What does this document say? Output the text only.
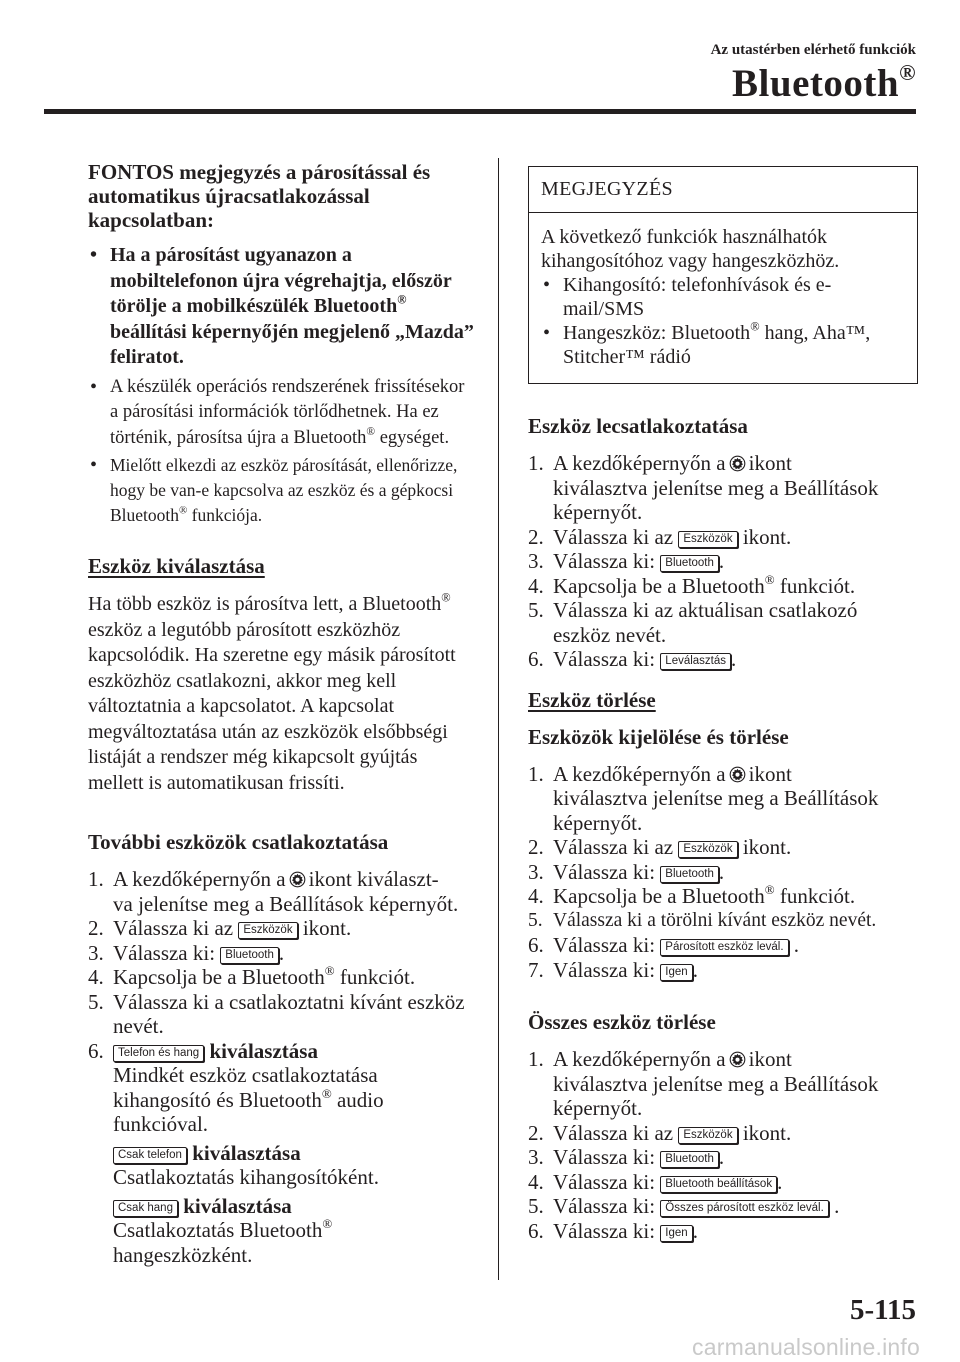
Az utastérben elérhető funkciók
Bluetooth®
FONTOS megjegyzés a párosítással és automatikus újracsatlakozással kapcsolatban:
• Ha a párosítást ugyanazon a mobiltelefonon újra végrehajtja, először törölje a mobilkészülék Bluetooth® beállítási képernyőjén megjelenő „Mazda” feliratot.
• A készülék operációs rendszerének frissítésekor a párosítási információk törlődhetnek. Ha ez történik, párosítsa újra a Bluetooth® egységet.
• Mielőtt elkezdi az eszköz párosítását, ellenőrizze, hogy be van-e kapcsolva az eszköz és a gépkocsi Bluetooth® funkciója.
Eszköz kiválasztása
Ha több eszköz is párosítva lett, a Bluetooth® eszköz a legutóbb párosított eszközhöz kapcsolódik. Ha szeretne egy másik párosított eszközhöz csatlakozni, akkor meg kell változtatnia a kapcsolatot. A kapcsolat megváltoztatása után az eszközök elsőbbségi listáját a rendszer még kikapcsolt gyújtás mellett is automatikusan frissíti.
További eszközök csatlakoztatása
1. A kezdőképernyőn a ikont kiválaszt-
va jelenítse meg a Beállítások képernyőt.
2. Válassza ki az Eszközök ikont.
3. Válassza ki: Bluetooth .
4. Kapcsolja be a Bluetooth® funkciót.
5. Válassza ki a csatlakoztatni kívánt eszköz nevét.
6.	Telefon és hang kiválasztása
Mindkét eszköz csatlakoztatása kihangosító és Bluetooth® audio funkcióval.
Csak telefon kiválasztása
Csatlakoztatás kihangosítóként.
Csak hang kiválasztása
Csatlakoztatás Bluetooth®
hangeszközként.
MEGJEGYZÉS
A következő funkciók használhatók kihangosítóhoz vagy hangeszközhöz.
• Kihangosító: telefonhívások és e-mail/SMS
• Hangeszköz: Bluetooth® hang, Aha™, Stitcher™ rádió
Eszköz lecsatlakoztatása
1. A kezdőképernyőn a ikont
kiválasztva jelenítse meg a Beállítások képernyőt.
2. Válassza ki az Eszközök ikont.
3. Válassza ki: Bluetooth .
4. Kapcsolja be a Bluetooth® funkciót.
5. Válassza ki az aktuálisan csatlakozó eszköz nevét.
6. Válassza ki: Leválasztás .
Eszköz törlése
Eszközök kijelölése és törlése
1. A kezdőképernyőn a ikont
kiválasztva jelenítse meg a Beállítások képernyőt.
2. Válassza ki az Eszközök ikont.
3. Válassza ki: Bluetooth .
4. Kapcsolja be a Bluetooth® funkciót.
5. Válassza ki a törölni kívánt eszköz nevét.
6. Válassza ki: Párosított eszköz levál. .
7. Válassza ki: Igen .
Összes eszköz törlése
1. A kezdőképernyőn a ikont
kiválasztva jelenítse meg a Beállítások képernyőt.
2. Válassza ki az Eszközök ikont.
3. Válassza ki: Bluetooth .
4. Válassza ki: Bluetooth beállítások .
5. Válassza ki: Összes párosított eszköz levál. .
6. Válassza ki: Igen .
5-115
carmanualsonline.info
